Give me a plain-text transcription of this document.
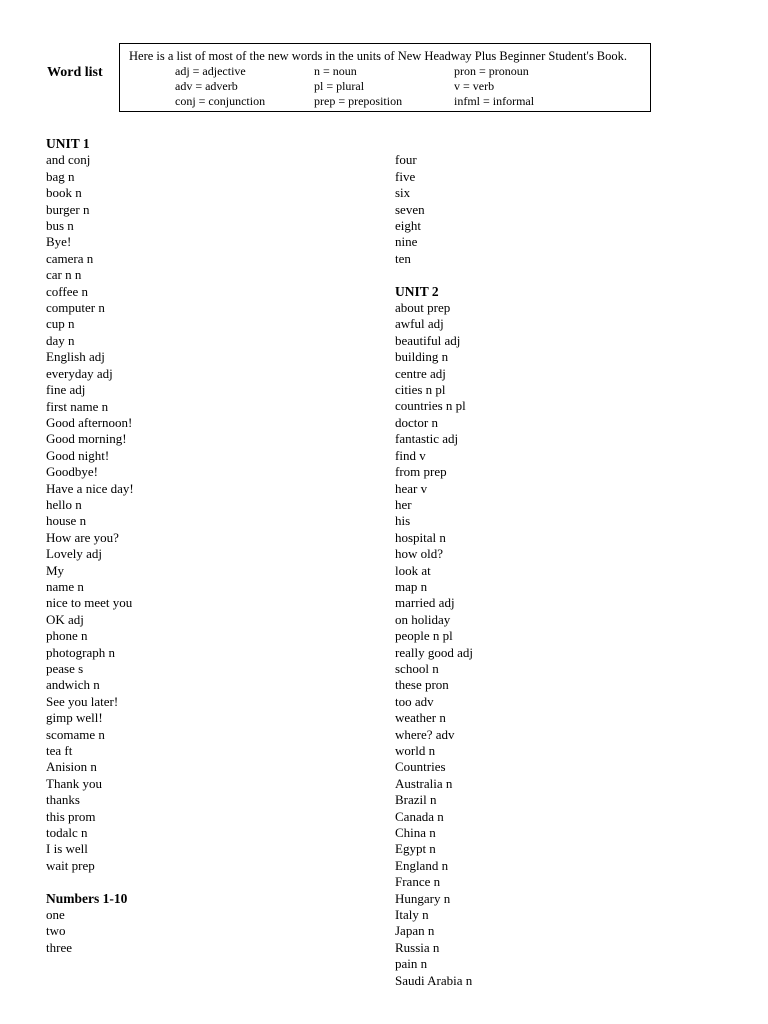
Word list
Here is a list of most of the new words in the units of New Headway Plus Beginner Student's Book.
adj = adjective	n = noun	pron = pronoun
adv = adverb	pl = plural	v = verb
conj = conjunction	prep = preposition	infml = informal
UNIT 1
and conj
bag n
book n
burger n
bus n
Bye!
camera n
car n n
coffee n
computer n
cup n
day n
English adj
everyday adj
fine adj
first name n
Good afternoon!
Good morning!
Good night!
Goodbye!
Have a nice day!
hello n
house n
How are you?
Lovely adj
My
name n
nice to meet you
OK adj
phone n
photograph n
pease s
andwich n
See you later!
gimp well!
scomame n
tea ft
Anision n
Thank you
thanks
this prom
todalc n
I is well
wait prep
Numbers 1-10
one
two
three
four
five
six
seven
eight
nine
ten
UNIT 2
about prep
awful adj
beautiful adj
building n
centre adj
cities n pl
countries n pl
doctor n
fantastic adj
find v
from prep
hear v
her
his
hospital n
how old?
look at
map n
married adj
on holiday
people n pl
really good adj
school n
these pron
too adv
weather n
where? adv
world n
Countries
Australia n
Brazil n
Canada n
China n
Egypt n
England n
France n
Hungary n
Italy n
Japan n
Russia n
pain n
Saudi Arabia n
